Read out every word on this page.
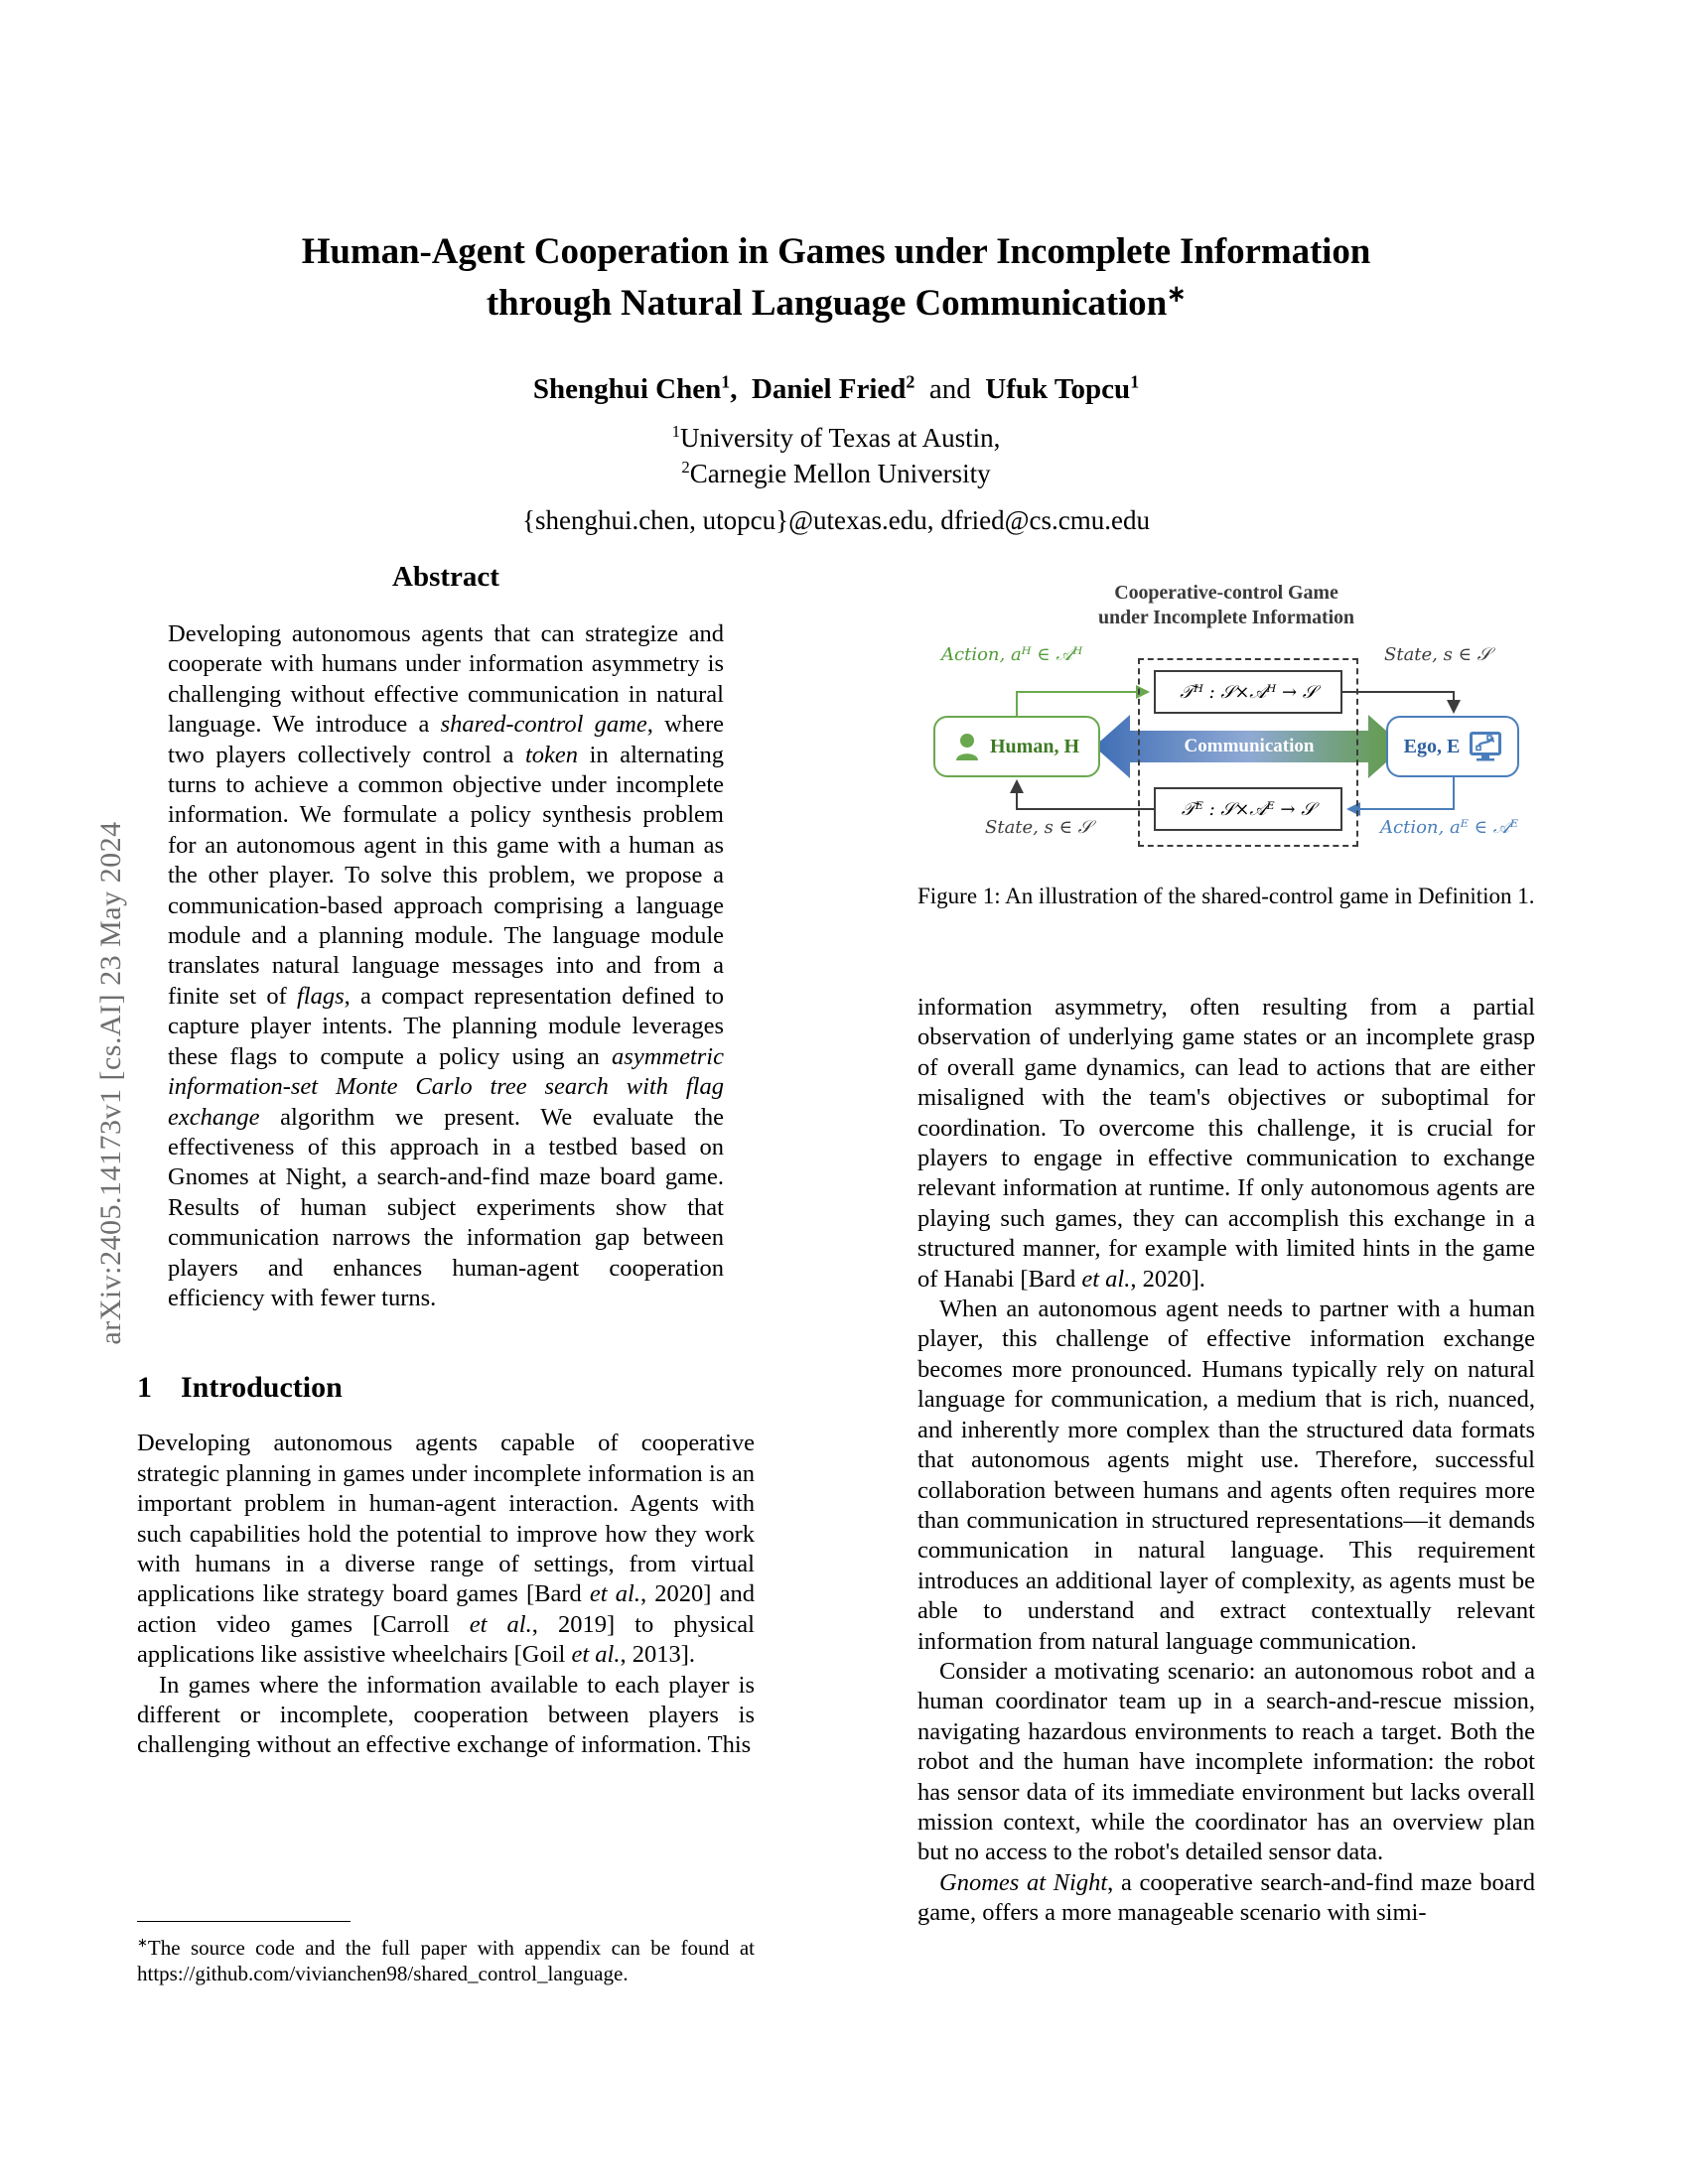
arXiv:2405.14173v1 [cs.AI] 23 May 2024
Human-Agent Cooperation in Games under Incomplete Information
through Natural Language Communication∗
Shenghui Chen$^1$, Daniel Fried$^2$ and Ufuk Topcu$^1$
$^1$University of Texas at Austin,
$^2$Carnegie Mellon University
{shenghui.chen, utopcu}@utexas.edu, dfried@cs.cmu.edu
Abstract
Developing autonomous agents that can strategize and cooperate with humans under information asymmetry is challenging without effective communication in natural language. We introduce a shared-control game, where two players collectively control a token in alternating turns to achieve a common objective under incomplete information. We formulate a policy synthesis problem for an autonomous agent in this game with a human as the other player. To solve this problem, we propose a communication-based approach comprising a language module and a planning module. The language module translates natural language messages into and from a finite set of flags, a compact representation defined to capture player intents. The planning module leverages these flags to compute a policy using an asymmetric information-set Monte Carlo tree search with flag exchange algorithm we present. We evaluate the effectiveness of this approach in a testbed based on Gnomes at Night, a search-and-find maze board game. Results of human subject experiments show that communication narrows the information gap between players and enhances human-agent cooperation efficiency with fewer turns.
1 Introduction

Developing autonomous agents capable of cooperative strategic planning in games under incomplete information is an important problem in human-agent interaction. Agents with such capabilities hold the potential to improve how they work with humans in a diverse range of settings, from virtual applications like strategy board games [Bard et al., 2020] and action video games [Carroll et al., 2019] to physical applications like assistive wheelchairs [Goil et al., 2013].

In games where the information available to each player is different or incomplete, cooperation between players is challenging without an effective exchange of information. This

∗The source code and the full paper with appendix can be found at https://github.com/vivianchen98/shared_control_language.
Cooperative-control Game
under Incomplete Information
𝒯ᴴ : 𝒮×𝒜ᴴ → 𝒮
𝒯ᴱ : 𝒮×𝒜ᴱ → 𝒮
Human, H	Ego, E
Communication
Action, aᴴ ∈ 𝒜ᴴ	State, s ∈ 𝒮
State, s ∈ 𝒮	Action, aᴱ ∈ 𝒜ᴱ
Figure 1: An illustration of the shared-control game in Definition 1.

information asymmetry, often resulting from a partial observation of underlying game states or an incomplete grasp of overall game dynamics, can lead to actions that are either misaligned with the team's objectives or suboptimal for coordination. To overcome this challenge, it is crucial for players to engage in effective communication to exchange relevant information at runtime. If only autonomous agents are playing such games, they can accomplish this exchange in a structured manner, for example with limited hints in the game of Hanabi [Bard et al., 2020].

When an autonomous agent needs to partner with a human player, this challenge of effective information exchange becomes more pronounced. Humans typically rely on natural language for communication, a medium that is rich, nuanced, and inherently more complex than the structured data formats that autonomous agents might use. Therefore, successful collaboration between humans and agents often requires more than communication in structured representations—it demands communication in natural language. This requirement introduces an additional layer of complexity, as agents must be able to understand and extract contextually relevant information from natural language communication.

Consider a motivating scenario: an autonomous robot and a human coordinator team up in a search-and-rescue mission, navigating hazardous environments to reach a target. Both the robot and the human have incomplete information: the robot has sensor data of its immediate environment but lacks overall mission context, while the coordinator has an overview plan but no access to the robot's detailed sensor data.

Gnomes at Night, a cooperative search-and-find maze board game, offers a more manageable scenario with simi-
